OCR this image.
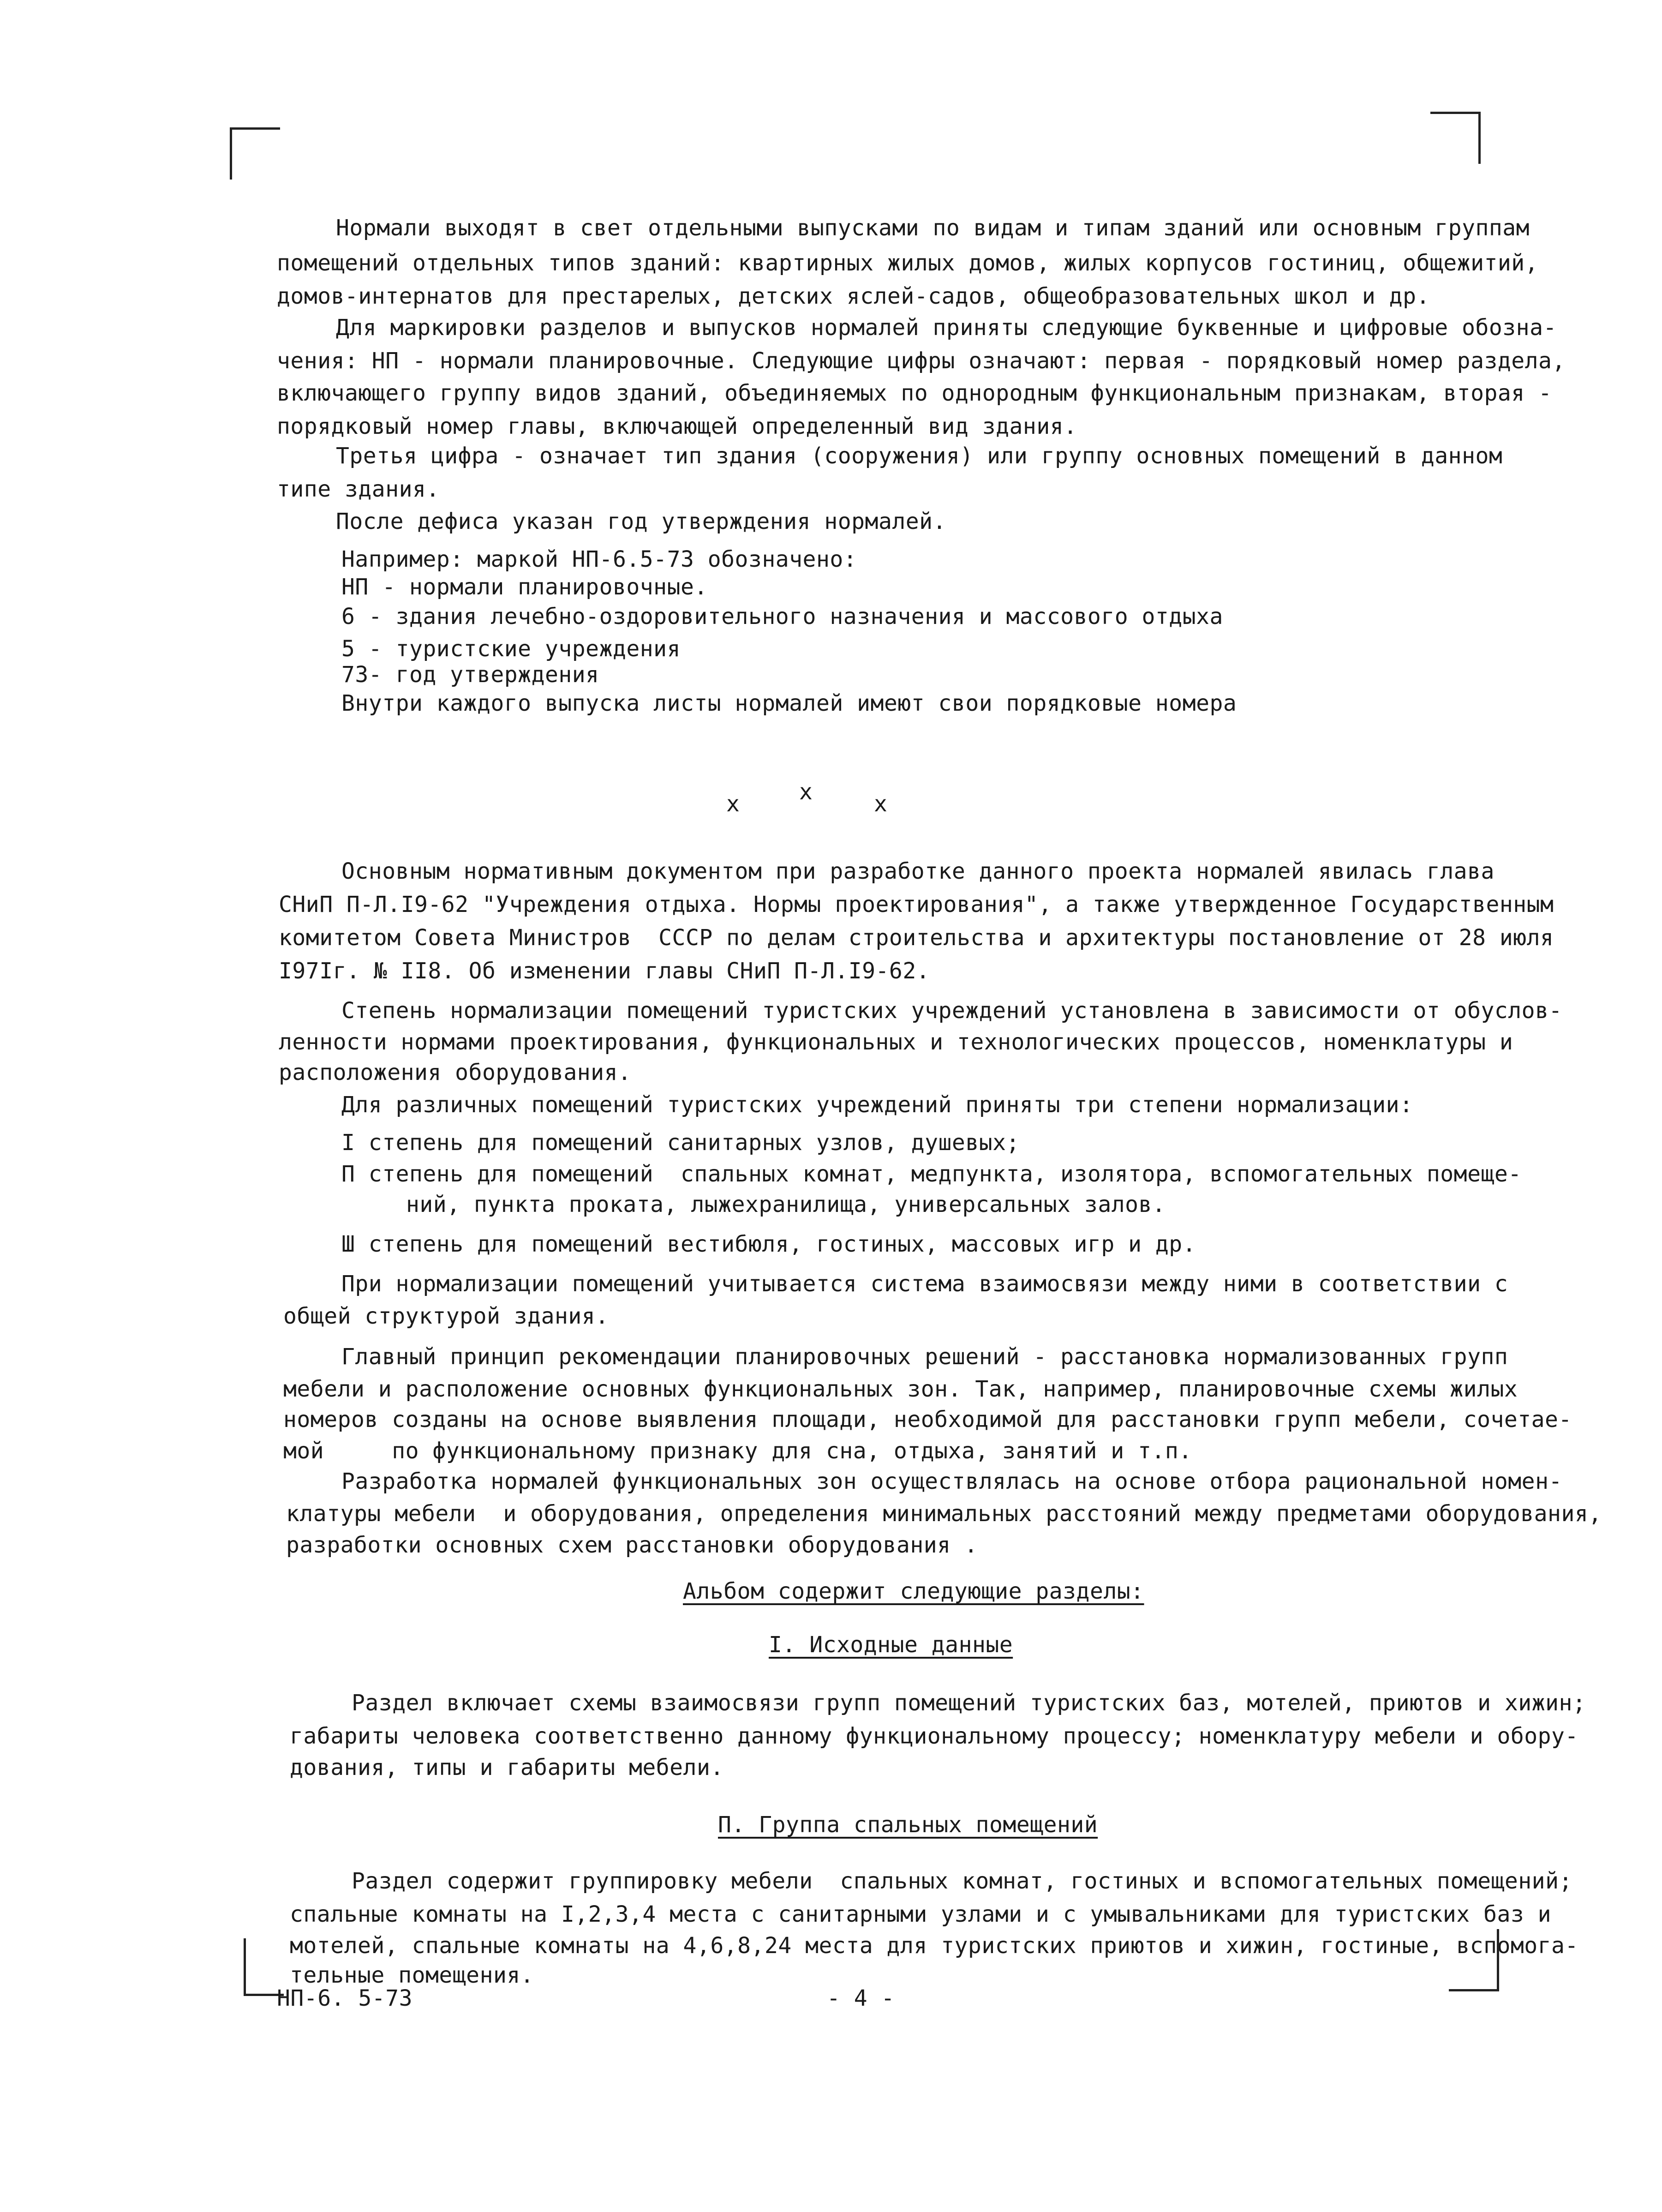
Нормали выходят в свет отдельными выпусками по видам и типам зданий или основным группам
помещений отдельных типов зданий: квартирных жилых домов, жилых корпусов гостиниц, общежитий,
домов-интернатов для престарелых, детских яслей-садов, общеобразовательных школ и др.
Для маркировки разделов и выпусков нормалей приняты следующие буквенные и цифровые обозна-
чения: НП - нормали планировочные. Следующие цифры означают: первая - порядковый номер раздела,
включающего группу видов зданий, объединяемых по однородным функциональным признакам, вторая -
порядковый номер главы, включающей определенный вид здания.
Третья цифра - означает тип здания (сооружения) или группу основных помещений в данном
типе здания.
После дефиса указан год утверждения нормалей.
Например: маркой НП-6.5-73 обозначено:
НП - нормали планировочные.
6 - здания лечебно-оздоровительного назначения и массового отдыха
5 - туристские учреждения
73- год утверждения
Внутри каждого выпуска листы нормалей имеют свои порядковые номера
x	x	x
Основным нормативным документом при разработке данного проекта нормалей явилась глава
СНиП П-Л.I9-62 "Учреждения отдыха. Нормы проектирования", а также утвержденное Государственным
комитетом Совета Министров  СССР по делам строительства и архитектуры постановление от 28 июля
I97Iг. № II8. Об изменении главы СНиП П-Л.I9-62.
Степень нормализации помещений туристских учреждений установлена в зависимости от обуслов-
ленности нормами проектирования, функциональных и технологических процессов, номенклатуры и
расположения оборудования.
Для различных помещений туристских учреждений приняты три степени нормализации:
I степень для помещений санитарных узлов, душевых;
П степень для помещений  спальных комнат, медпункта, изолятора, вспомогательных помеще-
ний, пункта проката, лыжехранилища, универсальных залов.
Ш степень для помещений вестибюля, гостиных, массовых игр и др.
При нормализации помещений учитывается система взаимосвязи между ними в соответствии с
общей структурой здания.
Главный принцип рекомендации планировочных решений - расстановка нормализованных групп
мебели и расположение основных функциональных зон. Так, например, планировочные схемы жилых
номеров созданы на основе выявления площади, необходимой для расстановки групп мебели, сочетае-
мой     по функциональному признаку для сна, отдыха, занятий и т.п.
Разработка нормалей функциональных зон осуществлялась на основе отбора рациональной номен-
клатуры мебели  и оборудования, определения минимальных расстояний между предметами оборудования,
разработки основных схем расстановки оборудования .
Альбом содержит следующие разделы:
I. Исходные данные
Раздел включает схемы взаимосвязи групп помещений туристских баз, мотелей, приютов и хижин;
габариты человека соответственно данному функциональному процессу; номенклатуру мебели и обору-
дования, типы и габариты мебели.
П. Группа спальных помещений
Раздел содержит группировку мебели  спальных комнат, гостиных и вспомогательных помещений;
спальные комнаты на I,2,3,4 места с санитарными узлами и с умывальниками для туристских баз и
мотелей, спальные комнаты на 4,6,8,24 места для туристских приютов и хижин, гостиные, вспомога-
тельные помещения.
НП-6. 5-73	- 4 -
